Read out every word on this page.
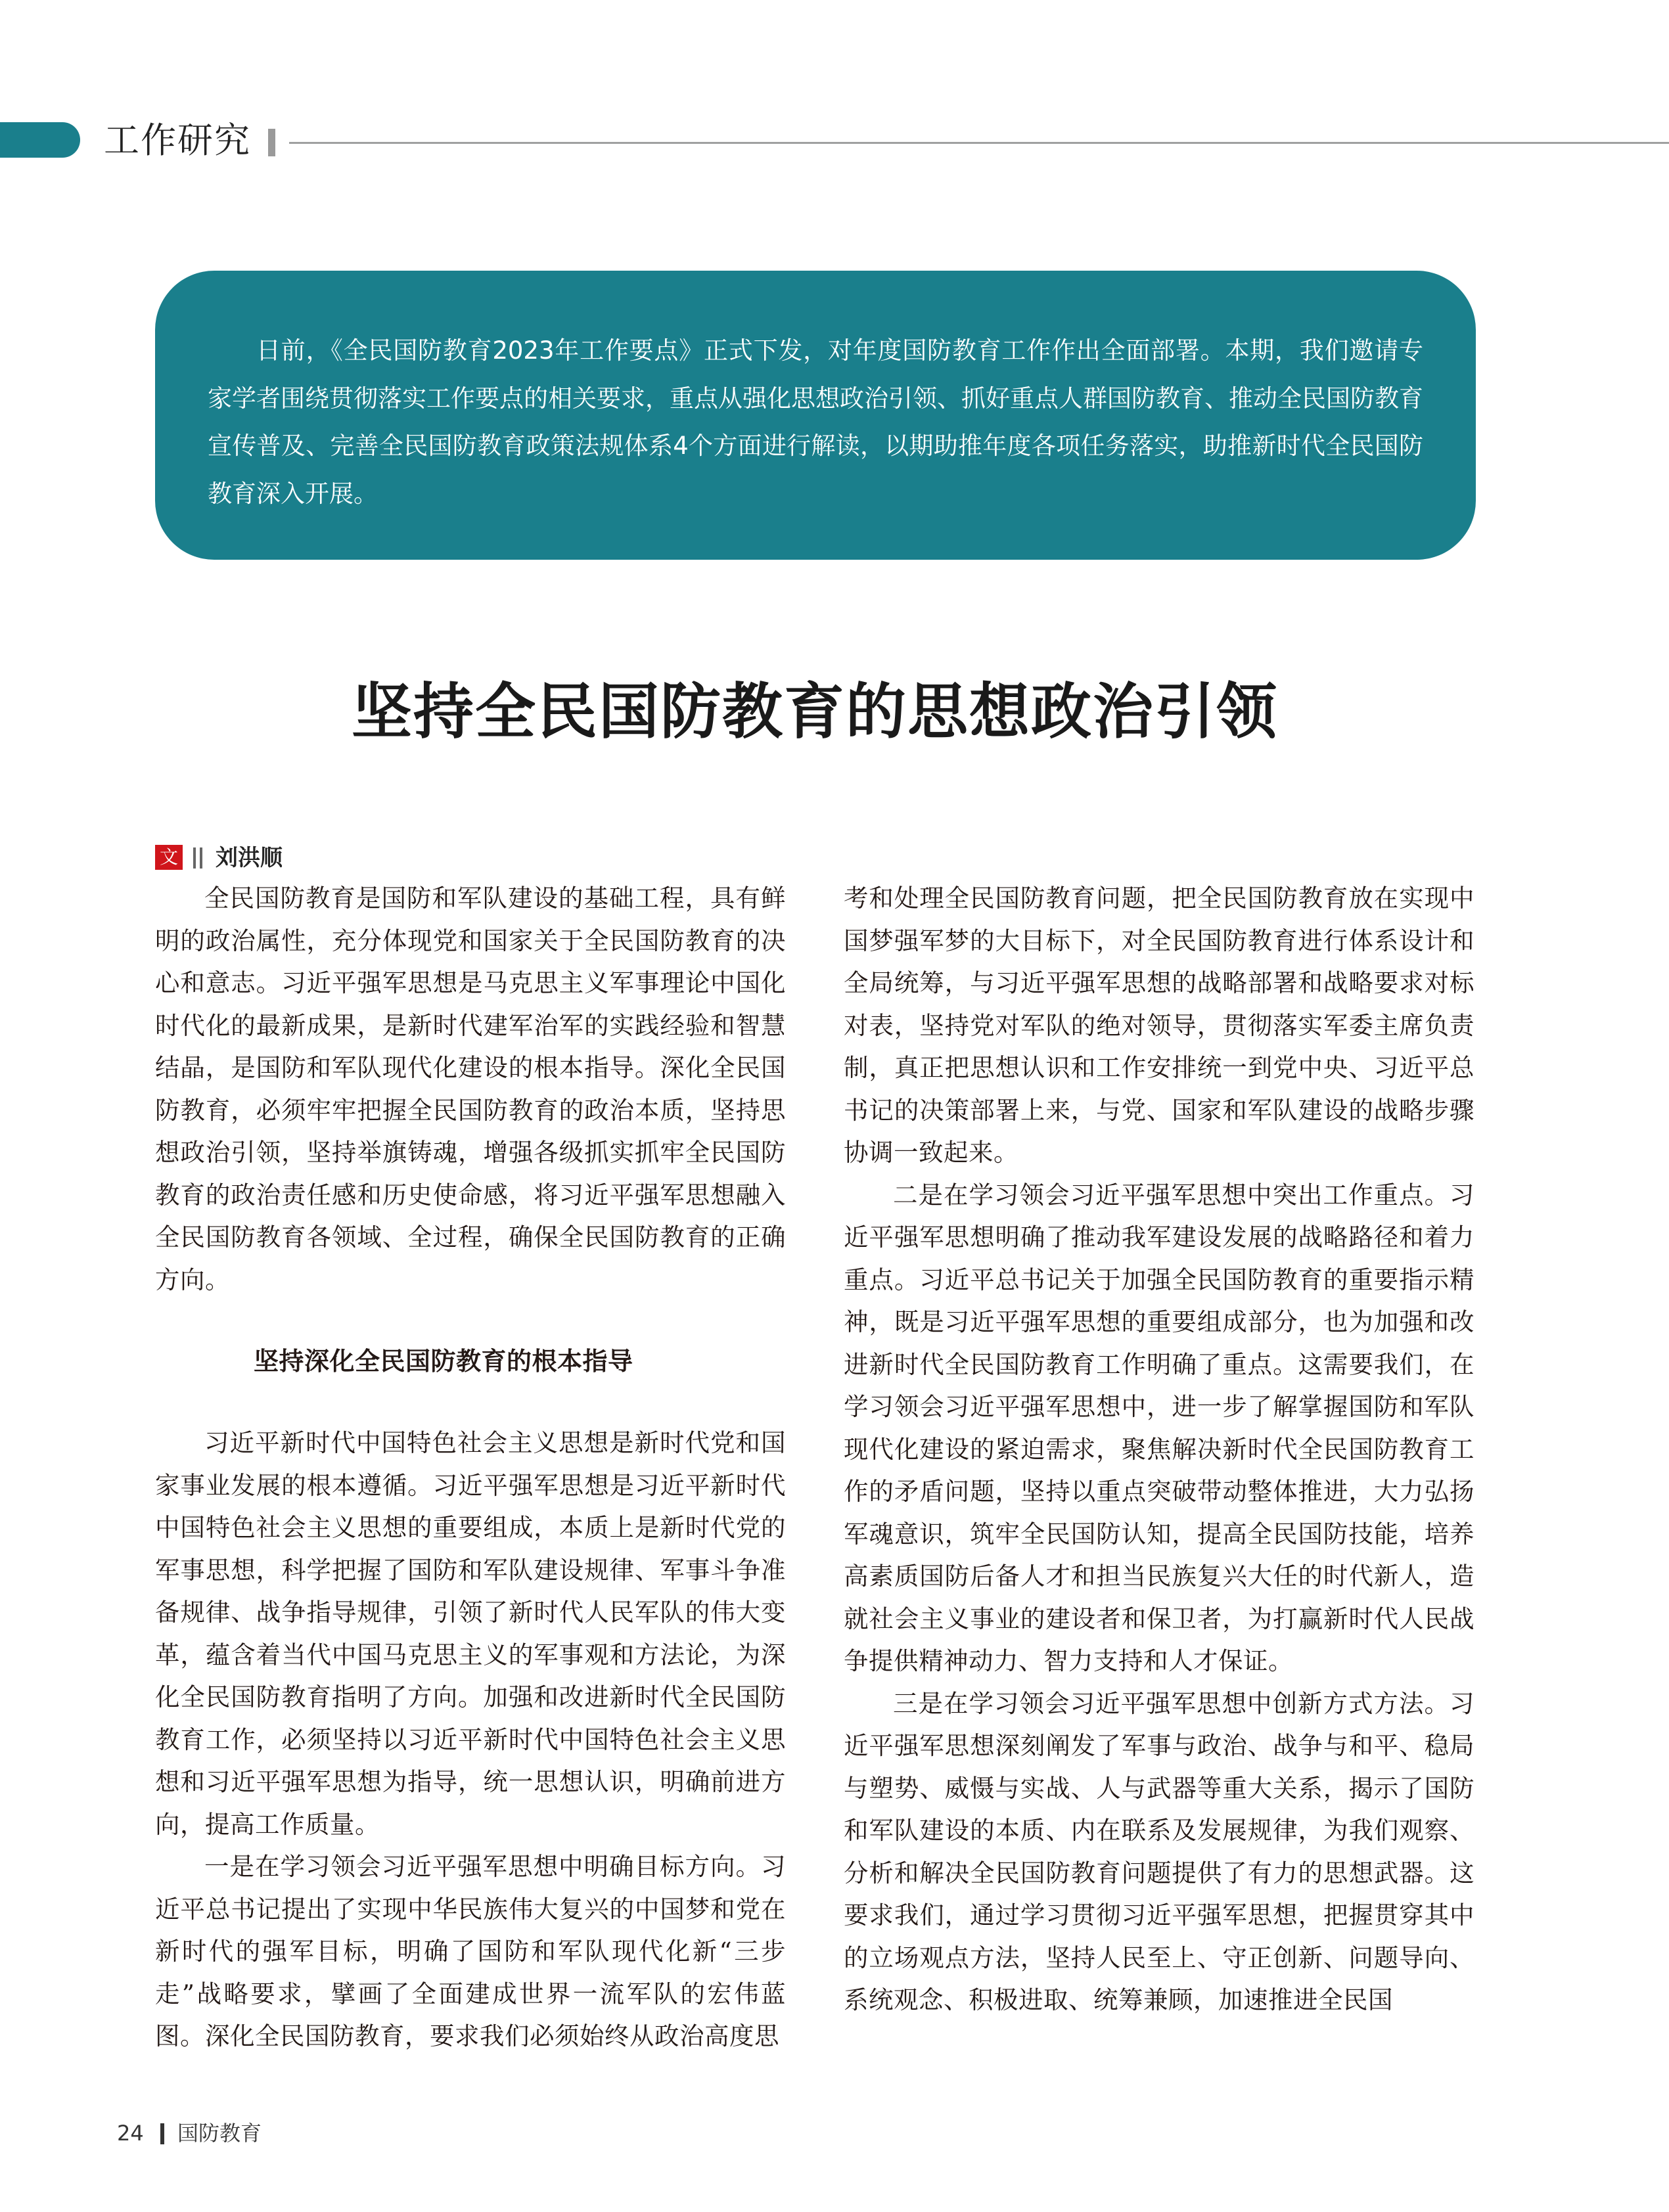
工作研究

日前，《全民国防教育2023年工作要点》正式下发，对年度国防教育工作作出全面部署。本期，我们邀请专家学者围绕贯彻落实工作要点的相关要求，重点从强化思想政治引领、抓好重点人群国防教育、推动全民国防教育宣传普及、完善全民国防教育政策法规体系4个方面进行解读，以期助推年度各项任务落实，助推新时代全民国防教育深入开展。

坚持全民国防教育的思想政治引领
文 刘洪顺

全民国防教育是国防和军队建设的基础工程，具有鲜明的政治属性，充分体现党和国家关于全民国防教育的决心和意志。习近平强军思想是马克思主义军事理论中国化时代化的最新成果，是新时代建军治军的实践经验和智慧结晶，是国防和军队现代化建设的根本指导。深化全民国防教育，必须牢牢把握全民国防教育的政治本质，坚持思想政治引领，坚持举旗铸魂，增强各级抓实抓牢全民国防教育的政治责任感和历史使命感，将习近平强军思想融入全民国防教育各领域、全过程，确保全民国防教育的正确方向。

坚持深化全民国防教育的根本指导

习近平新时代中国特色社会主义思想是新时代党和国家事业发展的根本遵循。习近平强军思想是习近平新时代中国特色社会主义思想的重要组成，本质上是新时代党的军事思想，科学把握了国防和军队建设规律、军事斗争准备规律、战争指导规律，引领了新时代人民军队的伟大变革，蕴含着当代中国马克思主义的军事观和方法论，为深化全民国防教育指明了方向。加强和改进新时代全民国防教育工作，必须坚持以习近平新时代中国特色社会主义思想和习近平强军思想为指导，统一思想认识，明确前进方向，提高工作质量。

一是在学习领会习近平强军思想中明确目标方向。习近平总书记提出了实现中华民族伟大复兴的中国梦和党在新时代的强军目标，明确了国防和军队现代化新“三步走”战略要求，擘画了全面建成世界一流军队的宏伟蓝图。深化全民国防教育，要求我们必须始终从政治高度思

考和处理全民国防教育问题，把全民国防教育放在实现中国梦强军梦的大目标下，对全民国防教育进行体系设计和全局统筹，与习近平强军思想的战略部署和战略要求对标对表，坚持党对军队的绝对领导，贯彻落实军委主席负责制，真正把思想认识和工作安排统一到党中央、习近平总书记的决策部署上来，与党、国家和军队建设的战略步骤协调一致起来。

二是在学习领会习近平强军思想中突出工作重点。习近平强军思想明确了推动我军建设发展的战略路径和着力重点。习近平总书记关于加强全民国防教育的重要指示精神，既是习近平强军思想的重要组成部分，也为加强和改进新时代全民国防教育工作明确了重点。这需要我们，在学习领会习近平强军思想中，进一步了解掌握国防和军队现代化建设的紧迫需求，聚焦解决新时代全民国防教育工作的矛盾问题，坚持以重点突破带动整体推进，大力弘扬军魂意识，筑牢全民国防认知，提高全民国防技能，培养高素质国防后备人才和担当民族复兴大任的时代新人，造就社会主义事业的建设者和保卫者，为打赢新时代人民战争提供精神动力、智力支持和人才保证。

三是在学习领会习近平强军思想中创新方式方法。习近平强军思想深刻阐发了军事与政治、战争与和平、稳局与塑势、威慑与实战、人与武器等重大关系，揭示了国防和军队建设的本质、内在联系及发展规律，为我们观察、分析和解决全民国防教育问题提供了有力的思想武器。这要求我们，通过学习贯彻习近平强军思想，把握贯穿其中的立场观点方法，坚持人民至上、守正创新、问题导向、系统观念、积极进取、统筹兼顾，加速推进全民国

24 国防教育
